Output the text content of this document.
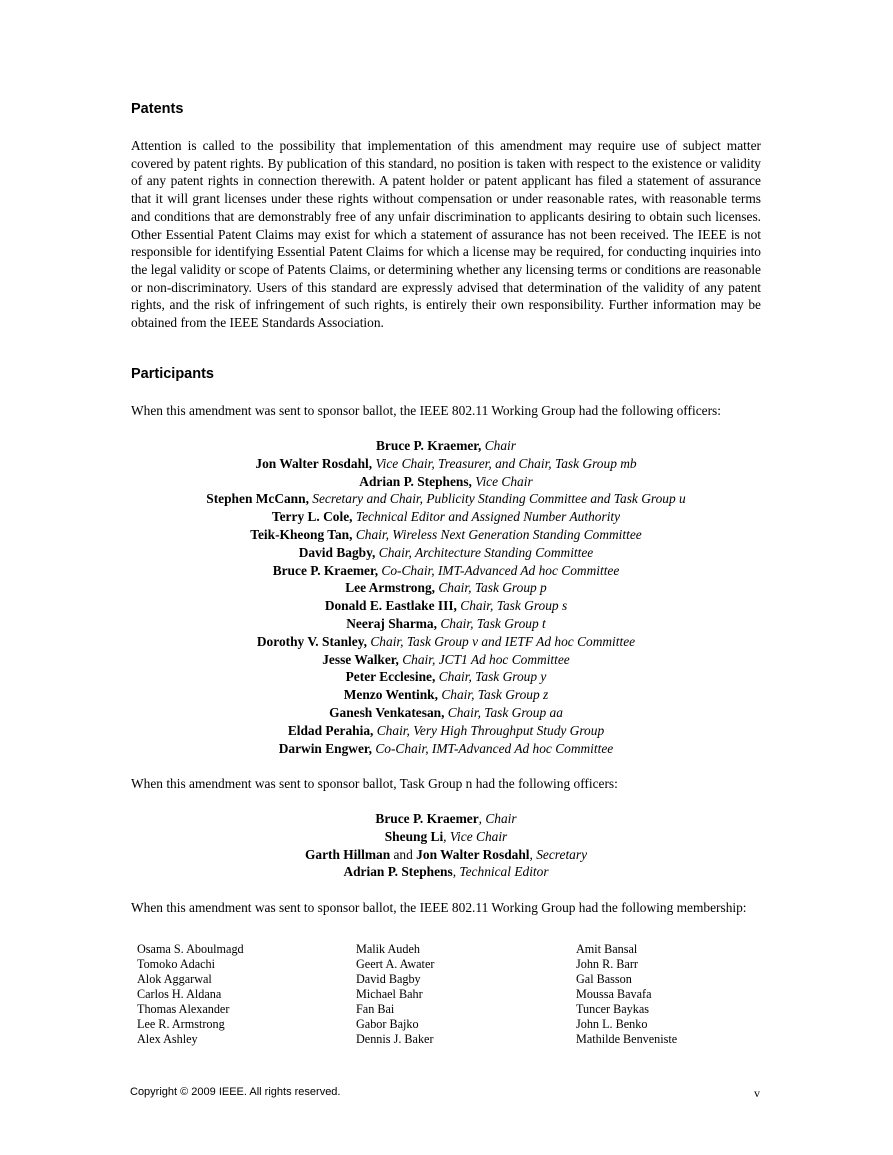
Patents

Attention is called to the possibility that implementation of this amendment may require use of subject matter covered by patent rights. By publication of this standard, no position is taken with respect to the existence or validity of any patent rights in connection therewith. A patent holder or patent applicant has filed a statement of assurance that it will grant licenses under these rights without compensation or under reasonable rates, with reasonable terms and conditions that are demonstrably free of any unfair discrimination to applicants desiring to obtain such licenses. Other Essential Patent Claims may exist for which a statement of assurance has not been received. The IEEE is not responsible for identifying Essential Patent Claims for which a license may be required, for conducting inquiries into the legal validity or scope of Patents Claims, or determining whether any licensing terms or conditions are reasonable or non-discriminatory. Users of this standard are expressly advised that determination of the validity of any patent rights, and the risk of infringement of such rights, is entirely their own responsibility. Further information may be obtained from the IEEE Standards Association.

Participants

When this amendment was sent to sponsor ballot, the IEEE 802.11 Working Group had the following officers:

Bruce P. Kraemer, Chair
Jon Walter Rosdahl, Vice Chair, Treasurer, and Chair, Task Group mb
Adrian P. Stephens, Vice Chair
Stephen McCann, Secretary and Chair, Publicity Standing Committee and Task Group u
Terry L. Cole, Technical Editor and Assigned Number Authority
Teik-Kheong Tan, Chair, Wireless Next Generation Standing Committee
David Bagby, Chair, Architecture Standing Committee
Bruce P. Kraemer, Co-Chair, IMT-Advanced Ad hoc Committee
Lee Armstrong, Chair, Task Group p
Donald E. Eastlake III, Chair, Task Group s
Neeraj Sharma, Chair, Task Group t
Dorothy V. Stanley, Chair, Task Group v and IETF Ad hoc Committee
Jesse Walker, Chair, JCT1 Ad hoc Committee
Peter Ecclesine, Chair, Task Group y
Menzo Wentink, Chair, Task Group z
Ganesh Venkatesan, Chair, Task Group aa
Eldad Perahia, Chair, Very High Throughput Study Group
Darwin Engwer, Co-Chair, IMT-Advanced Ad hoc Committee

When this amendment was sent to sponsor ballot, Task Group n had the following officers:

Bruce P. Kraemer, Chair
Sheung Li, Vice Chair
Garth Hillman and Jon Walter Rosdahl, Secretary
Adrian P. Stephens, Technical Editor

When this amendment was sent to sponsor ballot, the IEEE 802.11 Working Group had the following membership:

Osama S. Aboulmagd
Tomoko Adachi
Alok Aggarwal
Carlos H. Aldana
Thomas Alexander
Lee R. Armstrong
Alex Ashley
Malik Audeh
Geert A. Awater
David Bagby
Michael Bahr
Fan Bai
Gabor Bajko
Dennis J. Baker
Amit Bansal
John R. Barr
Gal Basson
Moussa Bavafa
Tuncer Baykas
John L. Benko
Mathilde Benveniste
Copyright © 2009 IEEE. All rights reserved.	v
